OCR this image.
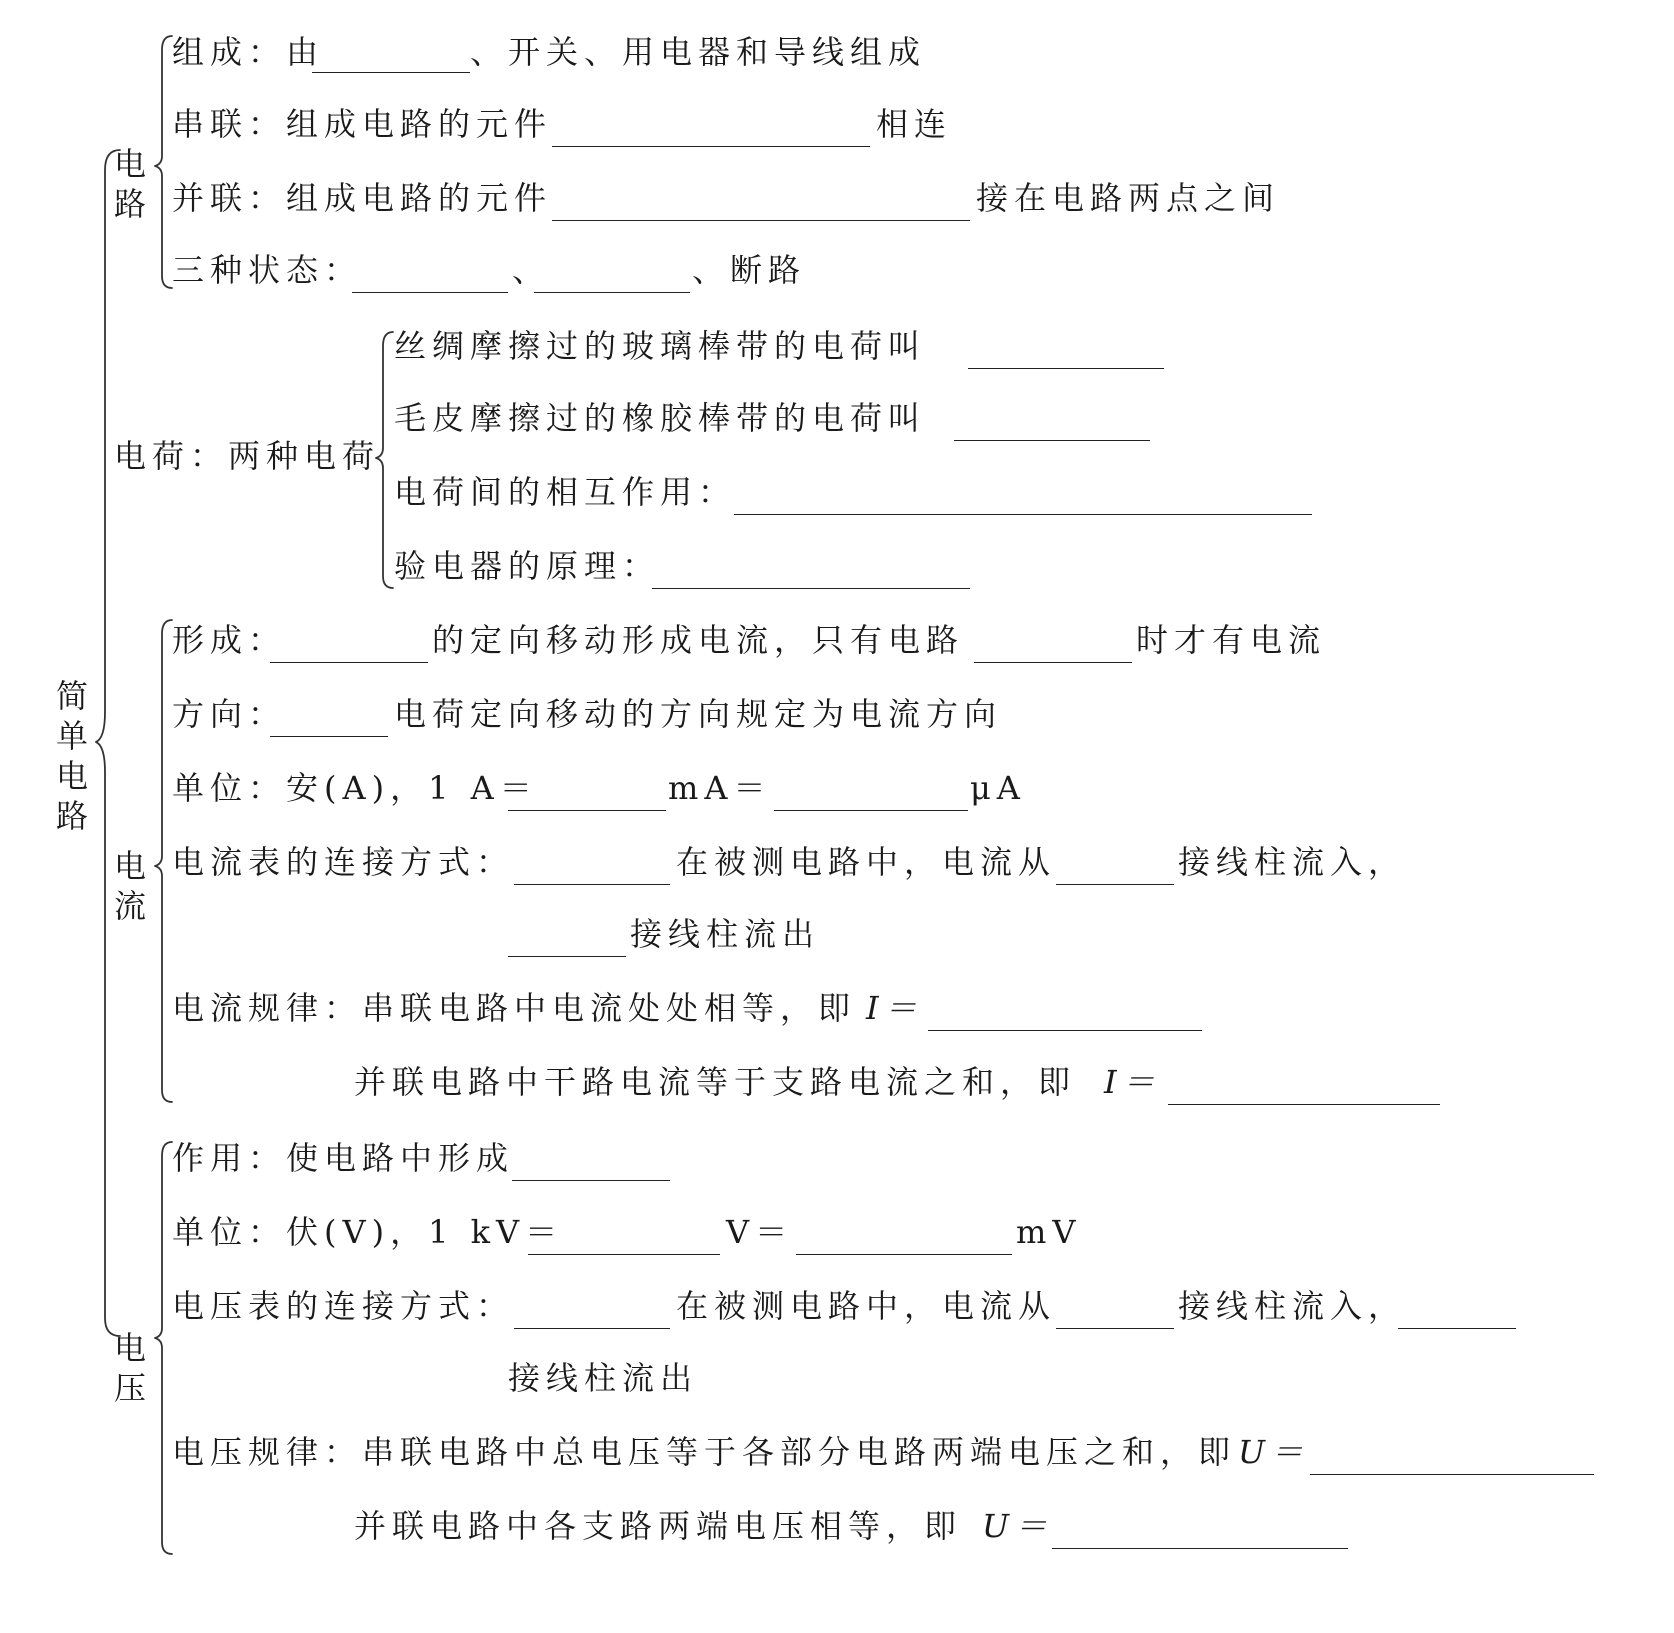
简
单
电
路
电
路
电
流
电
压
组成：由	、开关、用电器和导线组成
串联：组成电路的元件	相连
并联：组成电路的元件	接在电路两点之间
三种状态：	、	、断路
电荷：两种电荷
丝绸摩擦过的玻璃棒带的电荷叫
毛皮摩擦过的橡胶棒带的电荷叫
电荷间的相互作用：
验电器的原理：
形成：	的定向移动形成电流，只有电路	时才有电流
方向：	电荷定向移动的方向规定为电流方向
单位：安(A)，1 A＝	mA＝	μA
电流表的连接方式：	在被测电路中，电流从	接线柱流入，
接线柱流出
电流规律：串联电路中电流处处相等，即 I＝
并联电路中干路电流等于支路电流之和，即 I＝
作用：使电路中形成
单位：伏(V)，1 kV＝	V＝	mV
电压表的连接方式：	在被测电路中，电流从	接线柱流入，
接线柱流出
电压规律：串联电路中总电压等于各部分电路两端电压之和，即 U＝
并联电路中各支路两端电压相等，即 U＝
